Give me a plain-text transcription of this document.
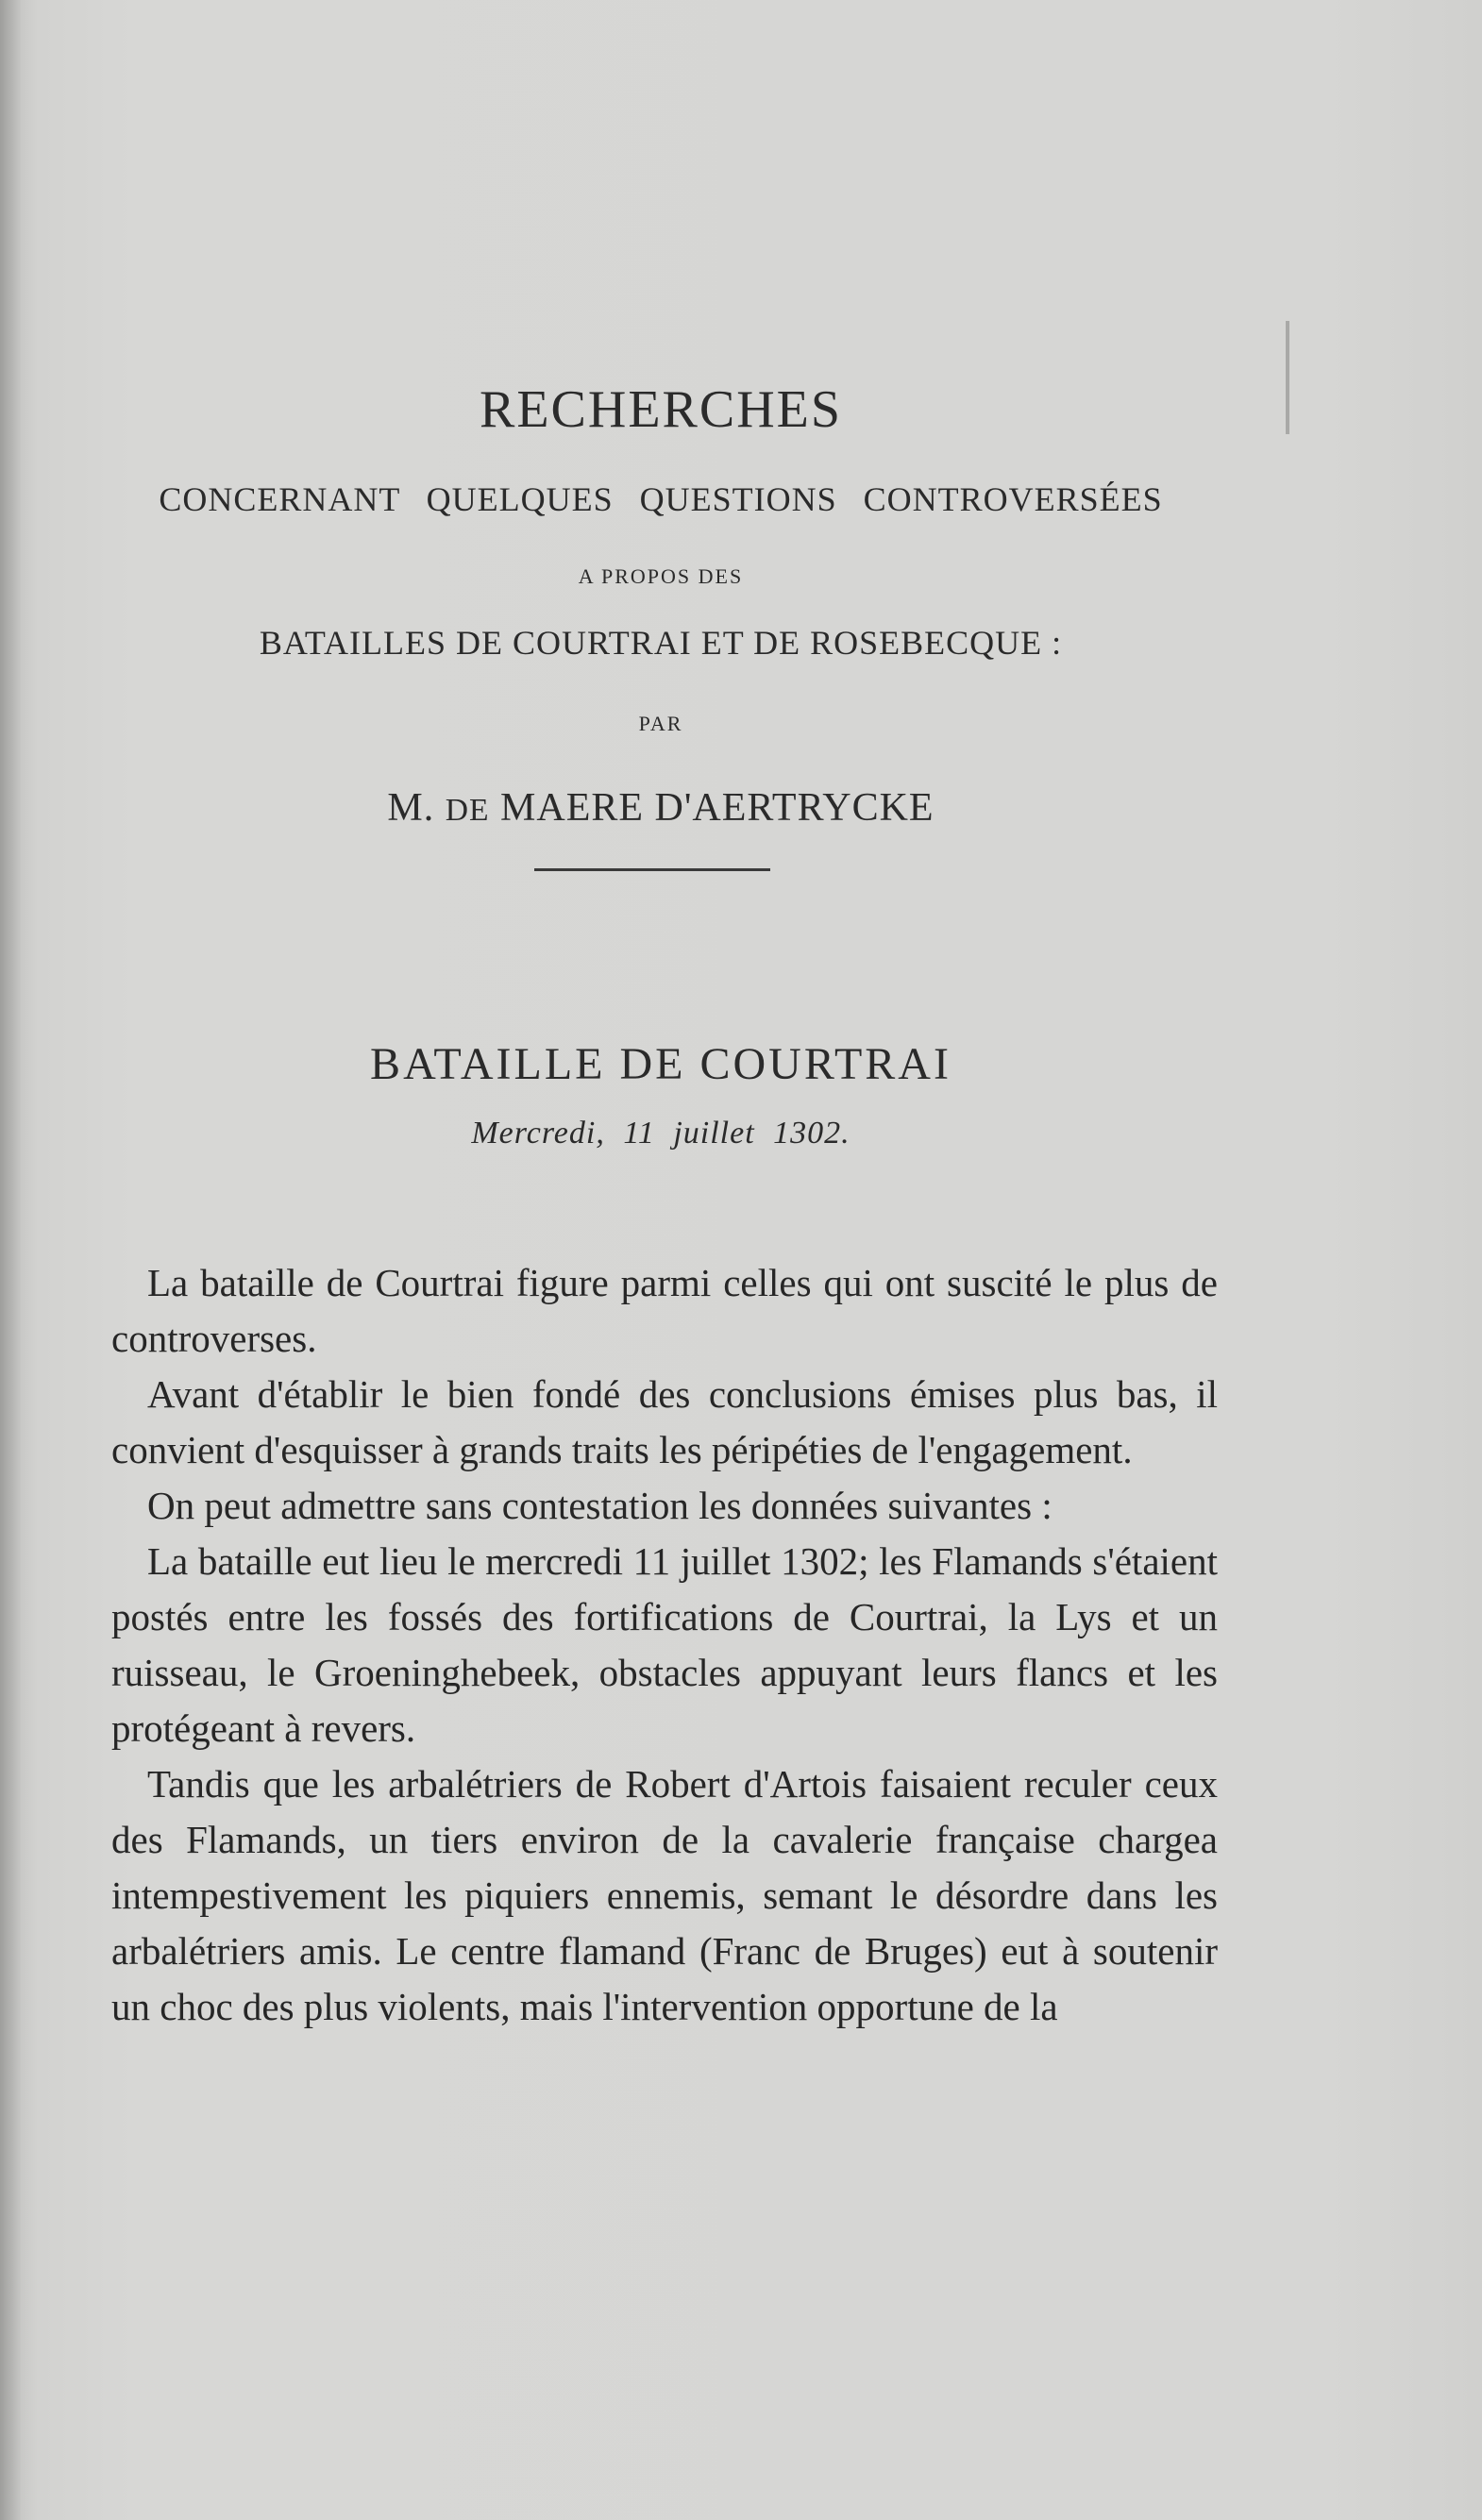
RECHERCHES
CONCERNANT QUELQUES QUESTIONS CONTROVERSÉES
A PROPOS DES
BATAILLES DE COURTRAI ET DE ROSEBECQUE :
PAR
M. DE MAERE D'AERTRYCKE
BATAILLE DE COURTRAI
Mercredi, 11 juillet 1302.

La bataille de Courtrai figure parmi celles qui ont suscité le plus de controverses.

Avant d'établir le bien fondé des conclusions émises plus bas, il convient d'esquisser à grands traits les péripéties de l'engagement.

On peut admettre sans contestation les données suivantes :

La bataille eut lieu le mercredi 11 juillet 1302; les Flamands s'étaient postés entre les fossés des fortifications de Courtrai, la Lys et un ruisseau, le Groeninghebeek, obstacles appuyant leurs flancs et les protégeant à revers.

Tandis que les arbalétriers de Robert d'Artois faisaient reculer ceux des Flamands, un tiers environ de la cavalerie française chargea intempestivement les piquiers ennemis, semant le désordre dans les arbalétriers amis. Le centre flamand (Franc de Bruges) eut à soutenir un choc des plus violents, mais l'intervention opportune de la
